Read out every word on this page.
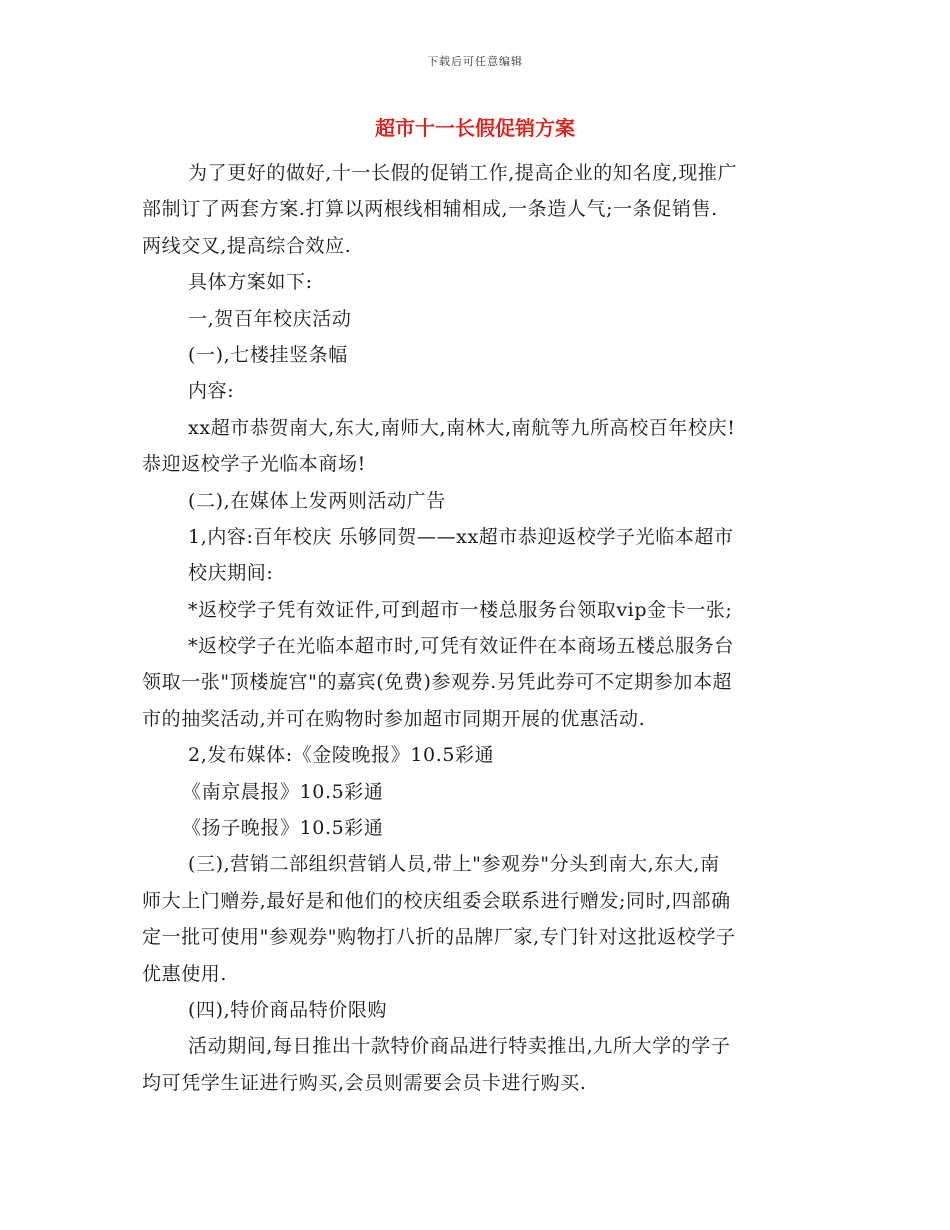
下载后可任意编辑
超市十一长假促销方案
为了更好的做好,十一长假的促销工作,提高企业的知名度,现推广
部制订了两套方案.打算以两根线相辅相成,一条造人气;一条促销售.
两线交叉,提高综合效应.
具体方案如下:
一,贺百年校庆活动
(一),七楼挂竖条幅
内容:
xx超市恭贺南大,东大,南师大,南林大,南航等九所高校百年校庆!
恭迎返校学子光临本商场!
(二),在媒体上发两则活动广告
1,内容:百年校庆 乐够同贺——xx超市恭迎返校学子光临本超市
校庆期间:
*返校学子凭有效证件,可到超市一楼总服务台领取vip金卡一张;
*返校学子在光临本超市时,可凭有效证件在本商场五楼总服务台
领取一张"顶楼旋宫"的嘉宾(免费)参观券.另凭此券可不定期参加本超
市的抽奖活动,并可在购物时参加超市同期开展的优惠活动.
2,发布媒体:《金陵晚报》10.5彩通
《南京晨报》10.5彩通
《扬子晚报》10.5彩通
(三),营销二部组织营销人员,带上"参观券"分头到南大,东大,南
师大上门赠券,最好是和他们的校庆组委会联系进行赠发;同时,四部确
定一批可使用"参观券"购物打八折的品牌厂家,专门针对这批返校学子
优惠使用.
(四),特价商品特价限购
活动期间,每日推出十款特价商品进行特卖推出,九所大学的学子
均可凭学生证进行购买,会员则需要会员卡进行购买.
